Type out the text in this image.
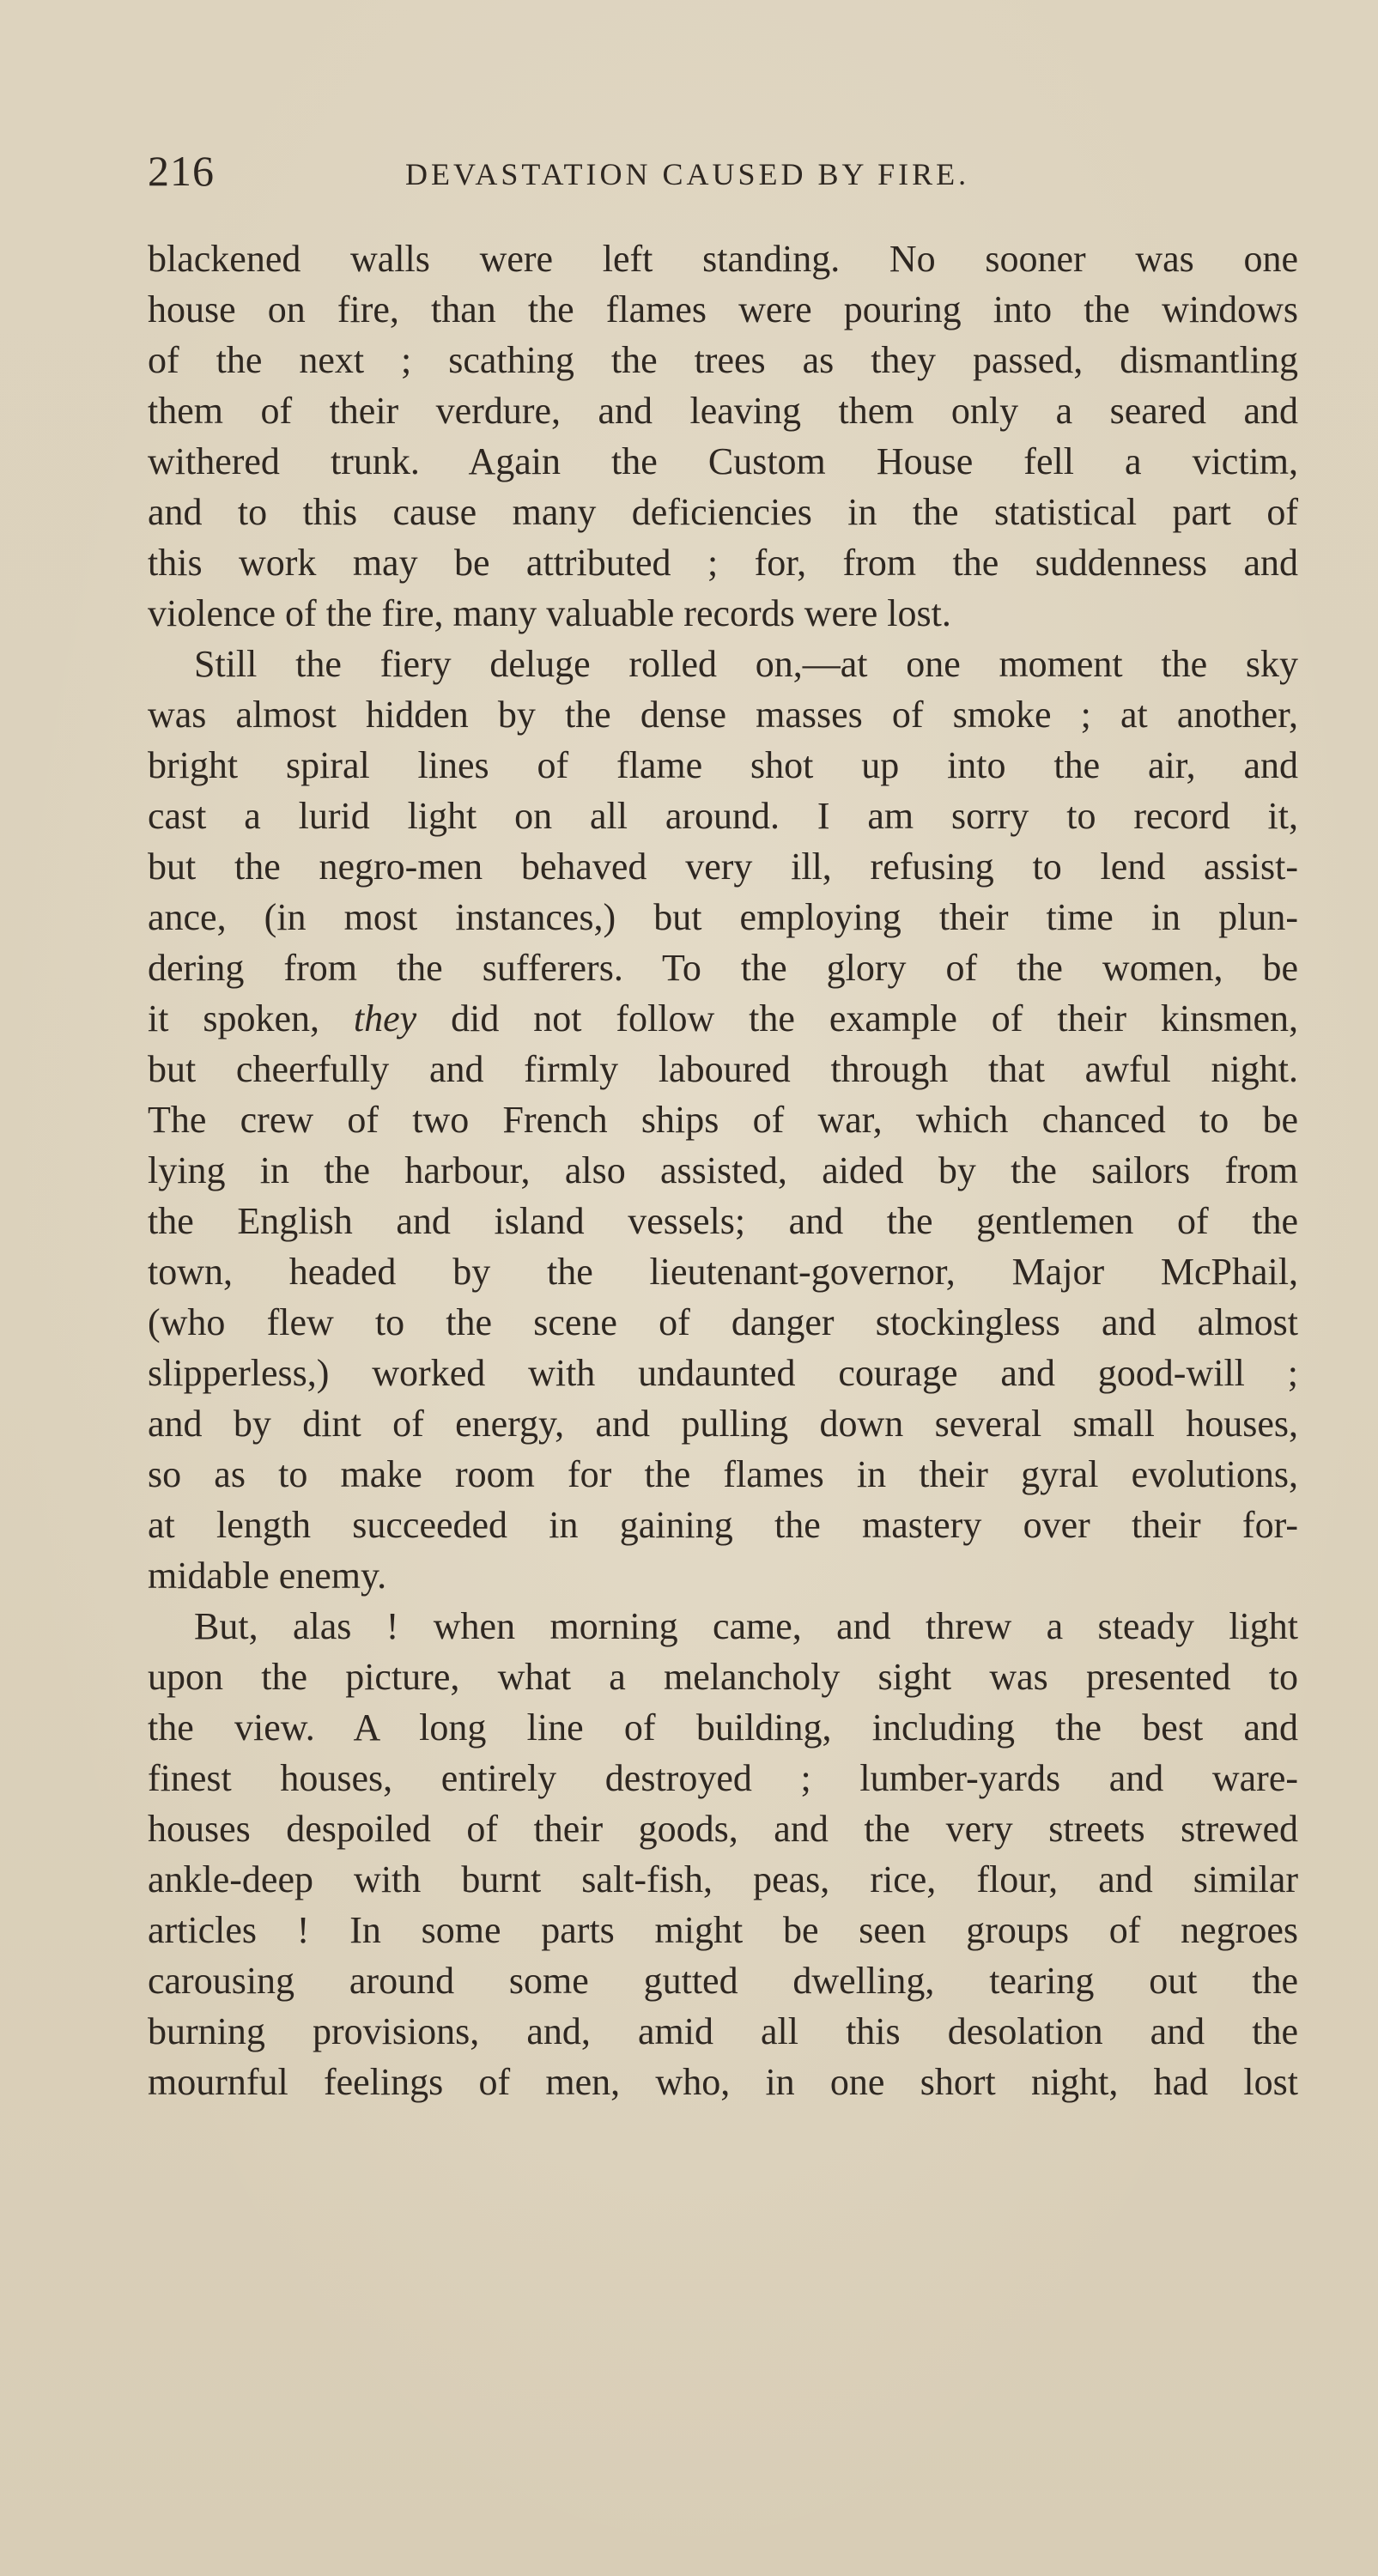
216	DEVASTATION CAUSED BY FIRE.
blackened walls were left standing. No sooner was one
house on fire, than the flames were pouring into the windows
of the next ; scathing the trees as they passed, dismantling
them of their verdure, and leaving them only a seared and
withered trunk. Again the Custom House fell a victim,
and to this cause many deficiencies in the statistical part of
this work may be attributed ; for, from the suddenness and
violence of the fire, many valuable records were lost.
Still the fiery deluge rolled on,—at one moment the sky
was almost hidden by the dense masses of smoke ; at another,
bright spiral lines of flame shot up into the air, and
cast a lurid light on all around. I am sorry to record it,
but the negro-men behaved very ill, refusing to lend assist-
ance, (in most instances,) but employing their time in plun-
dering from the sufferers. To the glory of the women, be
it spoken, they did not follow the example of their kinsmen,
but cheerfully and firmly laboured through that awful night.
The crew of two French ships of war, which chanced to be
lying in the harbour, also assisted, aided by the sailors from
the English and island vessels; and the gentlemen of the
town, headed by the lieutenant-governor, Major McPhail,
(who flew to the scene of danger stockingless and almost
slipperless,) worked with undaunted courage and good-will ;
and by dint of energy, and pulling down several small houses,
so as to make room for the flames in their gyral evolutions,
at length succeeded in gaining the mastery over their for-
midable enemy.
But, alas ! when morning came, and threw a steady light
upon the picture, what a melancholy sight was presented to
the view. A long line of building, including the best and
finest houses, entirely destroyed ; lumber-yards and ware-
houses despoiled of their goods, and the very streets strewed
ankle-deep with burnt salt-fish, peas, rice, flour, and similar
articles ! In some parts might be seen groups of negroes
carousing around some gutted dwelling, tearing out the
burning provisions, and, amid all this desolation and the
mournful feelings of men, who, in one short night, had lost
